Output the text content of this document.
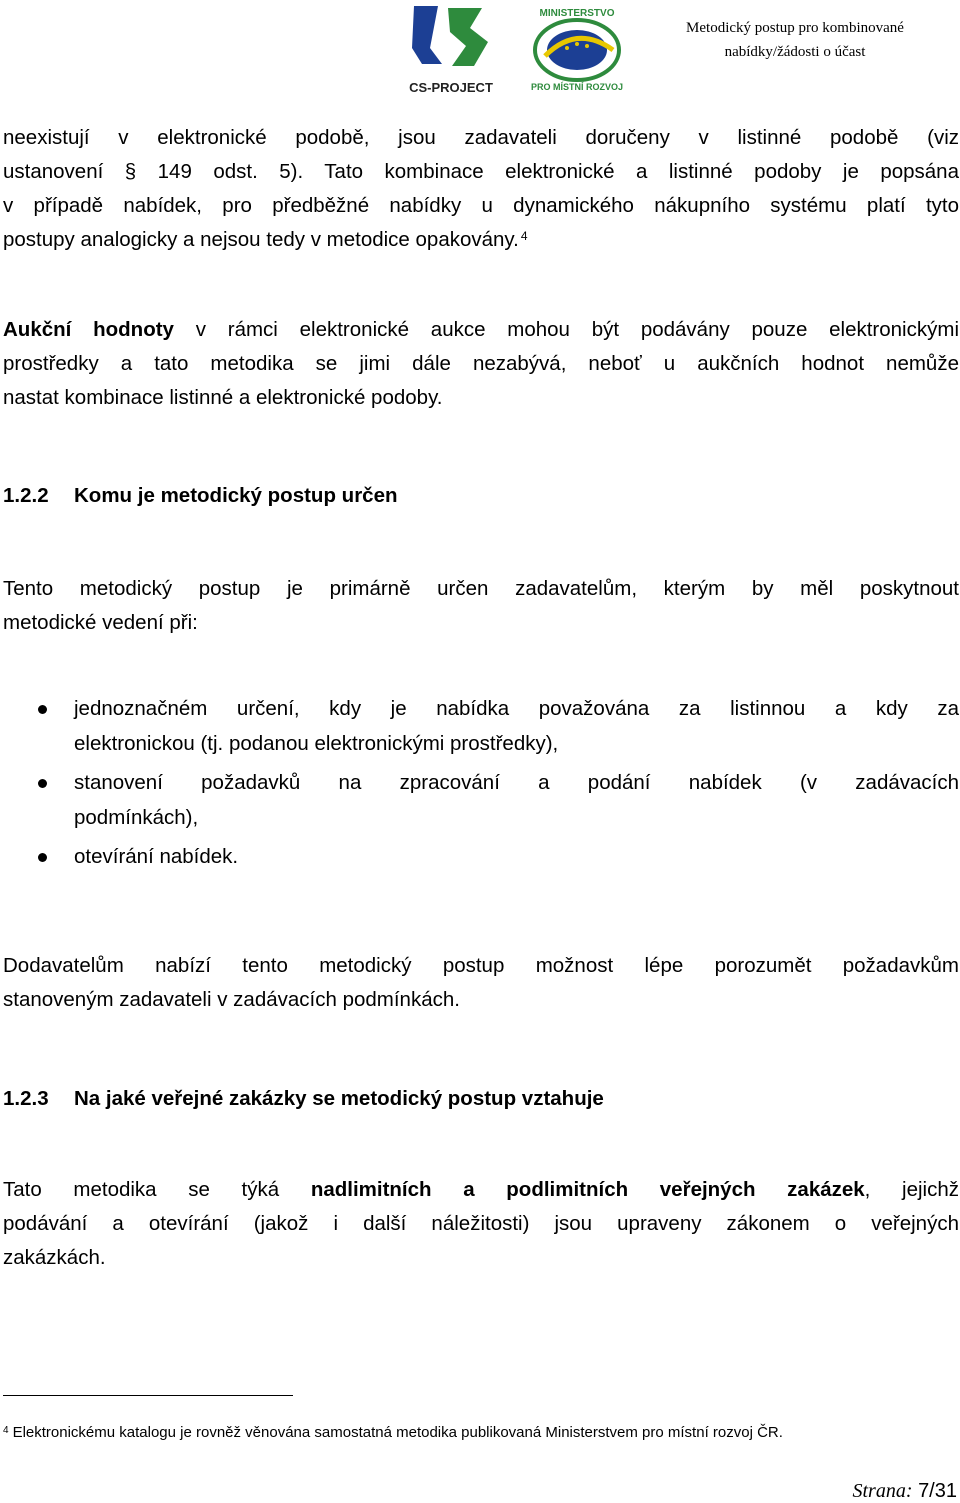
CS-PROJECT
MINISTERSTVO
PRO MÍSTNÍ ROZVOJ
Metodický postup pro kombinované
nabídky/žádosti o účast
neexistují v elektronické podobě, jsou zadavateli doručeny v listinné podobě (viz
ustanovení § 149 odst. 5). Tato kombinace elektronické a listinné podoby je popsána
v případě nabídek, pro předběžné nabídky u dynamického nákupního systému platí tyto
postupy analogicky a nejsou tedy v metodice opakovány. $^4$
Aukční hodnoty v rámci elektronické aukce mohou být podávány pouze elektronickými
prostředky a tato metodika se jimi dále nezabývá, neboť u aukčních hodnot nemůže
nastat kombinace listinné a elektronické podoby.
1.2.2 Komu je metodický postup určen
Tento metodický postup je primárně určen zadavatelům, kterým by měl poskytnout
metodické vedení při:
jednoznačném určení, kdy je nabídka považována za listinnou a kdy za
elektronickou (tj. podanou elektronickými prostředky),
stanovení požadavků na zpracování a podání nabídek (v zadávacích
podmínkách),
otevírání nabídek.
Dodavatelům nabízí tento metodický postup možnost lépe porozumět požadavkům
stanoveným zadavateli v zadávacích podmínkách.
1.2.3 Na jaké veřejné zakázky se metodický postup vztahuje
Tato metodika se týká nadlimitních a podlimitních veřejných zakázek, jejichž
podávání a otevírání (jakož i další náležitosti) jsou upraveny zákonem o veřejných
zakázkách.
$^4$ Elektronickému katalogu je rovněž věnována samostatná metodika publikovaná Ministerstvem pro místní rozvoj ČR.
Strana: 7/31
